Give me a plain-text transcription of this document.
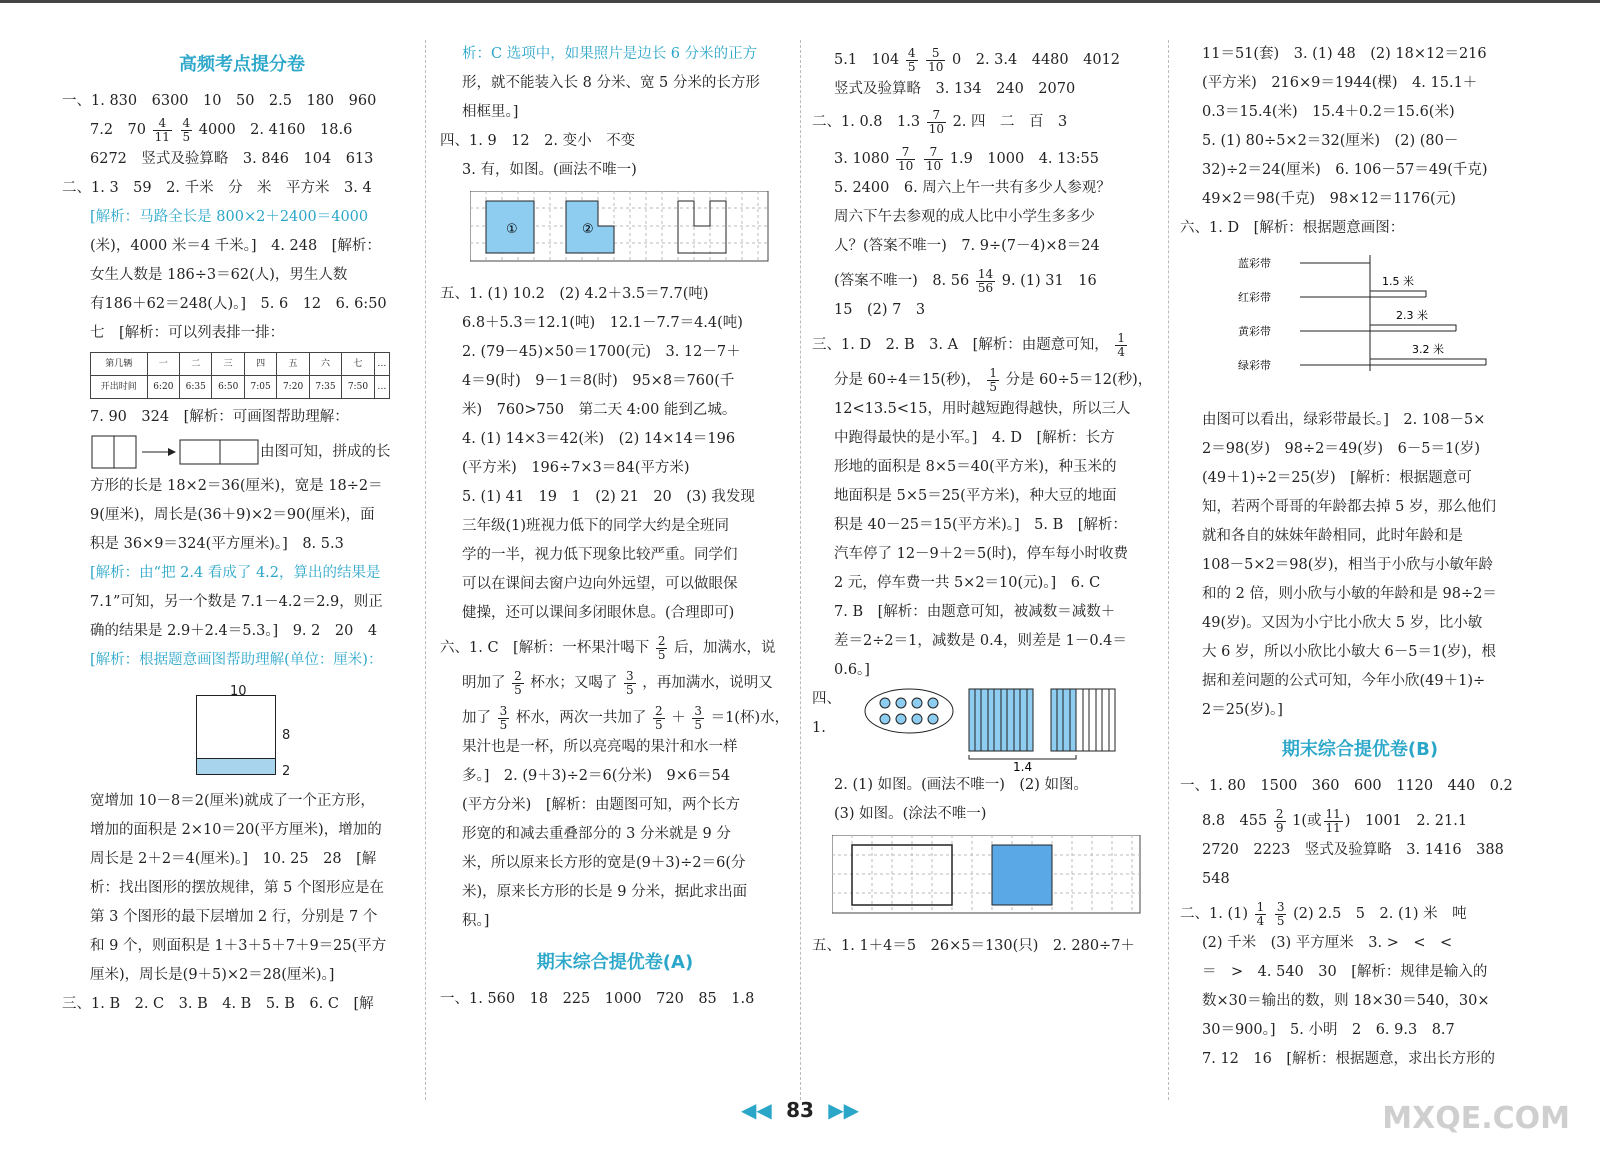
高频考点提分卷
一、1. 830　6300　10　50　2.5　180　960
7.2　$70 \frac{4}{11}$
$\frac{4}{5} 4000$　2. 4160　18.6
6272　竖式及验算略　3. 846　104　613
二、1. 3　59　2. 千米　分　米　平方米　3. 4
[解析：马路全长是 800×2＋2400＝4000
(米)，4000 米＝4 千米。]　4. 248　[解析：
女生人数是 186÷3＝62(人)，男生人数
有186＋62＝248(人)。]　5. 6　12　6. 6:50
七　[解析：可以列表排一排：
第几辆	一	二	三	四	五	六	七	…
开出时间	6:20	6:35	6:50	7:05	7:20	7:35	7:50	…
7. 90　324　[解析：可画图帮助理解：
由图可知，拼成的长
方形的长是 18×2＝36(厘米)，宽是 18÷2＝
9(厘米)，周长是(36＋9)×2＝90(厘米)，面
积是 36×9＝324(平方厘米)。]　8. 5.3
[解析：由“把 2.4 看成了 4.2，算出的结果是
7.1”可知，另一个数是 7.1－4.2＝2.9，则正
确的结果是 2.9＋2.4＝5.3。]　9. 2　20　4
[解析：根据题意画图帮助理解(单位：厘米)：
10
8
2
宽增加 10－8＝2(厘米)就成了一个正方形，
增加的面积是 2×10＝20(平方厘米)，增加的
周长是 2＋2＝4(厘米)。]　10. 25　28　[解
析：找出图形的摆放规律，第 5 个图形应是在
第 3 个图形的最下层增加 2 行，分别是 7 个
和 9 个，则面积是 1＋3＋5＋7＋9＝25(平方
厘米)，周长是(9＋5)×2＝28(厘米)。]
三、1. B　2. C　3. B　4. B　5. B　6. C　[解
析：C 选项中，如果照片是边长 6 分米的正方
形，就不能装入长 8 分米、宽 5 分米的长方形
相框里。]
四、1. 9　12　2. 变小　不变
3. 有，如图。(画法不唯一)
①	②
五、1. (1) 10.2　(2) 4.2＋3.5＝7.7(吨)
6.8＋5.3＝12.1(吨)　12.1－7.7＝4.4(吨)
2. (79－45)×50＝1700(元)　3. 12－7＋
4＝9(时)　9－1＝8(时)　95×8＝760(千
米)　760>750　第二天 4:00 能到乙城。
4. (1) 14×3＝42(米)　(2) 14×14＝196
(平方米)　196÷7×3＝84(平方米)
5. (1) 41　19　1　(2) 21　20　(3) 我发现
三年级(1)班视力低下的同学大约是全班同
学的一半，视力低下现象比较严重。同学们
可以在课间去窗户边向外远望，可以做眼保
健操，还可以课间多闭眼休息。(合理即可)
六、1. C　[解析：一杯果汁喝下 $\frac{2}{5}$ 后，加满水，说
明加了 $\frac{2}{5}$ 杯水；又喝了 $\frac{3}{5}$ ，再加满水，说明又
加了 $\frac{3}{5}$ 杯水，两次一共加了 $\frac{2}{5} + \frac{3}{5} =1$(杯)水，
果汁也是一杯，所以亮亮喝的果汁和水一样
多。]　2. (9＋3)÷2＝6(分米)　9×6＝54
(平方分米)　[解析：由题图可知，两个长方
形宽的和减去重叠部分的 3 分米就是 9 分
米，所以原来长方形的宽是(9＋3)÷2＝6(分
米)，原来长方形的长是 9 分米，据此求出面
积。]
期末综合提优卷(A)
一、1. 560　18　225　1000　720　85　1.8
5.1　$104 \frac{4}{5}$
$\frac{5}{10} 0$　2. 3.4　4480　4012
竖式及验算略　3. 134　240　2070
二、1. 0.8　$1.3 \frac{7}{10} 2$. 四　二　百　3
3. $1080 \frac{7}{10}$
$\frac{7}{10} 1.9$　1000　4. 13:55
5. 2400　6. 周六上午一共有多少人参观？
周六下午去参观的成人比中小学生多多少
人？(答案不唯一)　7. 9÷(7－4)×8＝24
(答案不唯一)　8. $56 \frac{14}{56} 9$. (1) 31　16
15　(2) 7　3
三、1. D　2. B　3. A　[解析：由题意可知， $\frac{1}{4}$
分是 60÷4＝15(秒)， $\frac{1}{5}$ 分是 60÷5＝12(秒)，
12<13.5<15，用时越短跑得越快，所以三人
中跑得最快的是小军。]　4. D　[解析：长方
形地的面积是 8×5＝40(平方米)，种玉米的
地面积是 5×5＝25(平方米)，种大豆的地面
积是 40－25＝15(平方米)。]　5. B　[解析：
汽车停了 12－9＋2＝5(时)，停车每小时收费
2 元，停车费一共 5×2＝10(元)。]　6. C
7. B　[解析：由题意可知，被减数＝减数＋
差＝2÷2＝1，减数是 0.4，则差是 1－0.4＝
0.6。]
四、1.
1.4
2. (1) 如图。(画法不唯一)　(2) 如图。
(3) 如图。(涂法不唯一)
五、1. 1＋4＝5　26×5＝130(只)　2. 280÷7＋
11＝51(套)　3. (1) 48　(2) 18×12＝216
(平方米)　216×9＝1944(棵)　4. 15.1＋
0.3＝15.4(米)　15.4＋0.2＝15.6(米)
5. (1) 80÷5×2＝32(厘米)　(2) (80－
32)÷2＝24(厘米)　6. 106－57＝49(千克)
49×2＝98(千克)　98×12＝1176(元)
六、1. D　[解析：根据题意画图：
蓝彩带
红彩带
黄彩带
绿彩带
1.5 米
2.3 米
3.2 米
由图可以看出，绿彩带最长。]　2. 108－5×
2＝98(岁)　98÷2＝49(岁)　6－5＝1(岁)
(49＋1)÷2＝25(岁)　[解析：根据题意可
知，若两个哥哥的年龄都去掉 5 岁，那么他们
就和各自的妹妹年龄相同，此时年龄和是
108－5×2＝98(岁)，相当于小欣与小敏年龄
和的 2 倍，则小欣与小敏的年龄和是 98÷2＝
49(岁)。又因为小宁比小欣大 5 岁，比小敏
大 6 岁，所以小欣比小敏大 6－5＝1(岁)，根
据和差问题的公式可知，今年小欣(49＋1)÷
2＝25(岁)。]
期末综合提优卷(B)
一、1. 80　1500　360　600　1120　440　0.2
8.8　$455 \frac{2}{9} 1$(或 $\frac{11}{11}$ )　1001　2. 21.1
2720　2223　竖式及验算略　3. 1416　388
548
二、1. $(1) \frac{1}{4}$
$\frac{3}{5} (2)$ 2.5　5　2. (1) 米　吨
(2) 千米　(3) 平方厘米　3. >　<　<
＝　>　4. 540　30　[解析：规律是输入的
数×30＝输出的数，则 18×30＝540，30×
30＝900。]　5. 小明　2　6. 9.3　8.7
7. 12　16　[解析：根据题意，求出长方形的
◀◀ 83 ▶▶	MXQE.COM
